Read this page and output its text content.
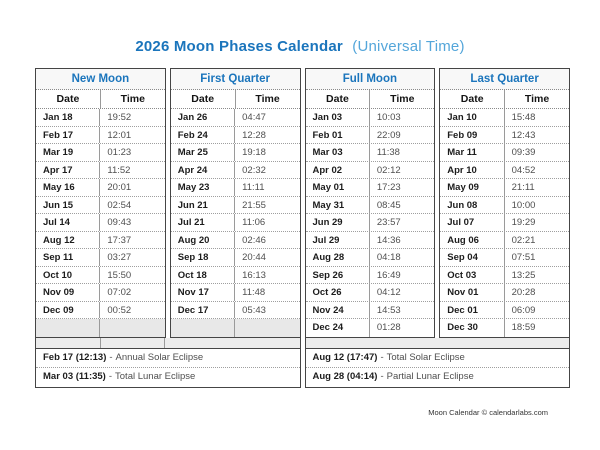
2026 Moon Phases Calendar (Universal Time)
New Moon
Date	Time
Jan 18	19:52
Feb 17	12:01
Mar 19	01:23
Apr 17	11:52
May 16	20:01
Jun 15	02:54
Jul 14	09:43
Aug 12	17:37
Sep 11	03:27
Oct 10	15:50
Nov 09	07:02
Dec 09	00:52
First Quarter
Date	Time
Jan 26	04:47
Feb 24	12:28
Mar 25	19:18
Apr 24	02:32
May 23	11:11
Jun 21	21:55
Jul 21	11:06
Aug 20	02:46
Sep 18	20:44
Oct 18	16:13
Nov 17	11:48
Dec 17	05:43
Full Moon
Date	Time
Jan 03	10:03
Feb 01	22:09
Mar 03	11:38
Apr 02	02:12
May 01	17:23
May 31	08:45
Jun 29	23:57
Jul 29	14:36
Aug 28	04:18
Sep 26	16:49
Oct 26	04:12
Nov 24	14:53
Dec 24	01:28
Last Quarter
Date	Time
Jan 10	15:48
Feb 09	12:43
Mar 11	09:39
Apr 10	04:52
May 09	21:11
Jun 08	10:00
Jul 07	19:29
Aug 06	02:21
Sep 04	07:51
Oct 03	13:25
Nov 01	20:28
Dec 01	06:09
Dec 30	18:59
Feb 17 (12:13) - Annual Solar Eclipse
Mar 03 (11:35) - Total Lunar Eclipse
Aug 12 (17:47) - Total Solar Eclipse
Aug 28 (04:14) - Partial Lunar Eclipse
Moon Calendar © calendarlabs.com
